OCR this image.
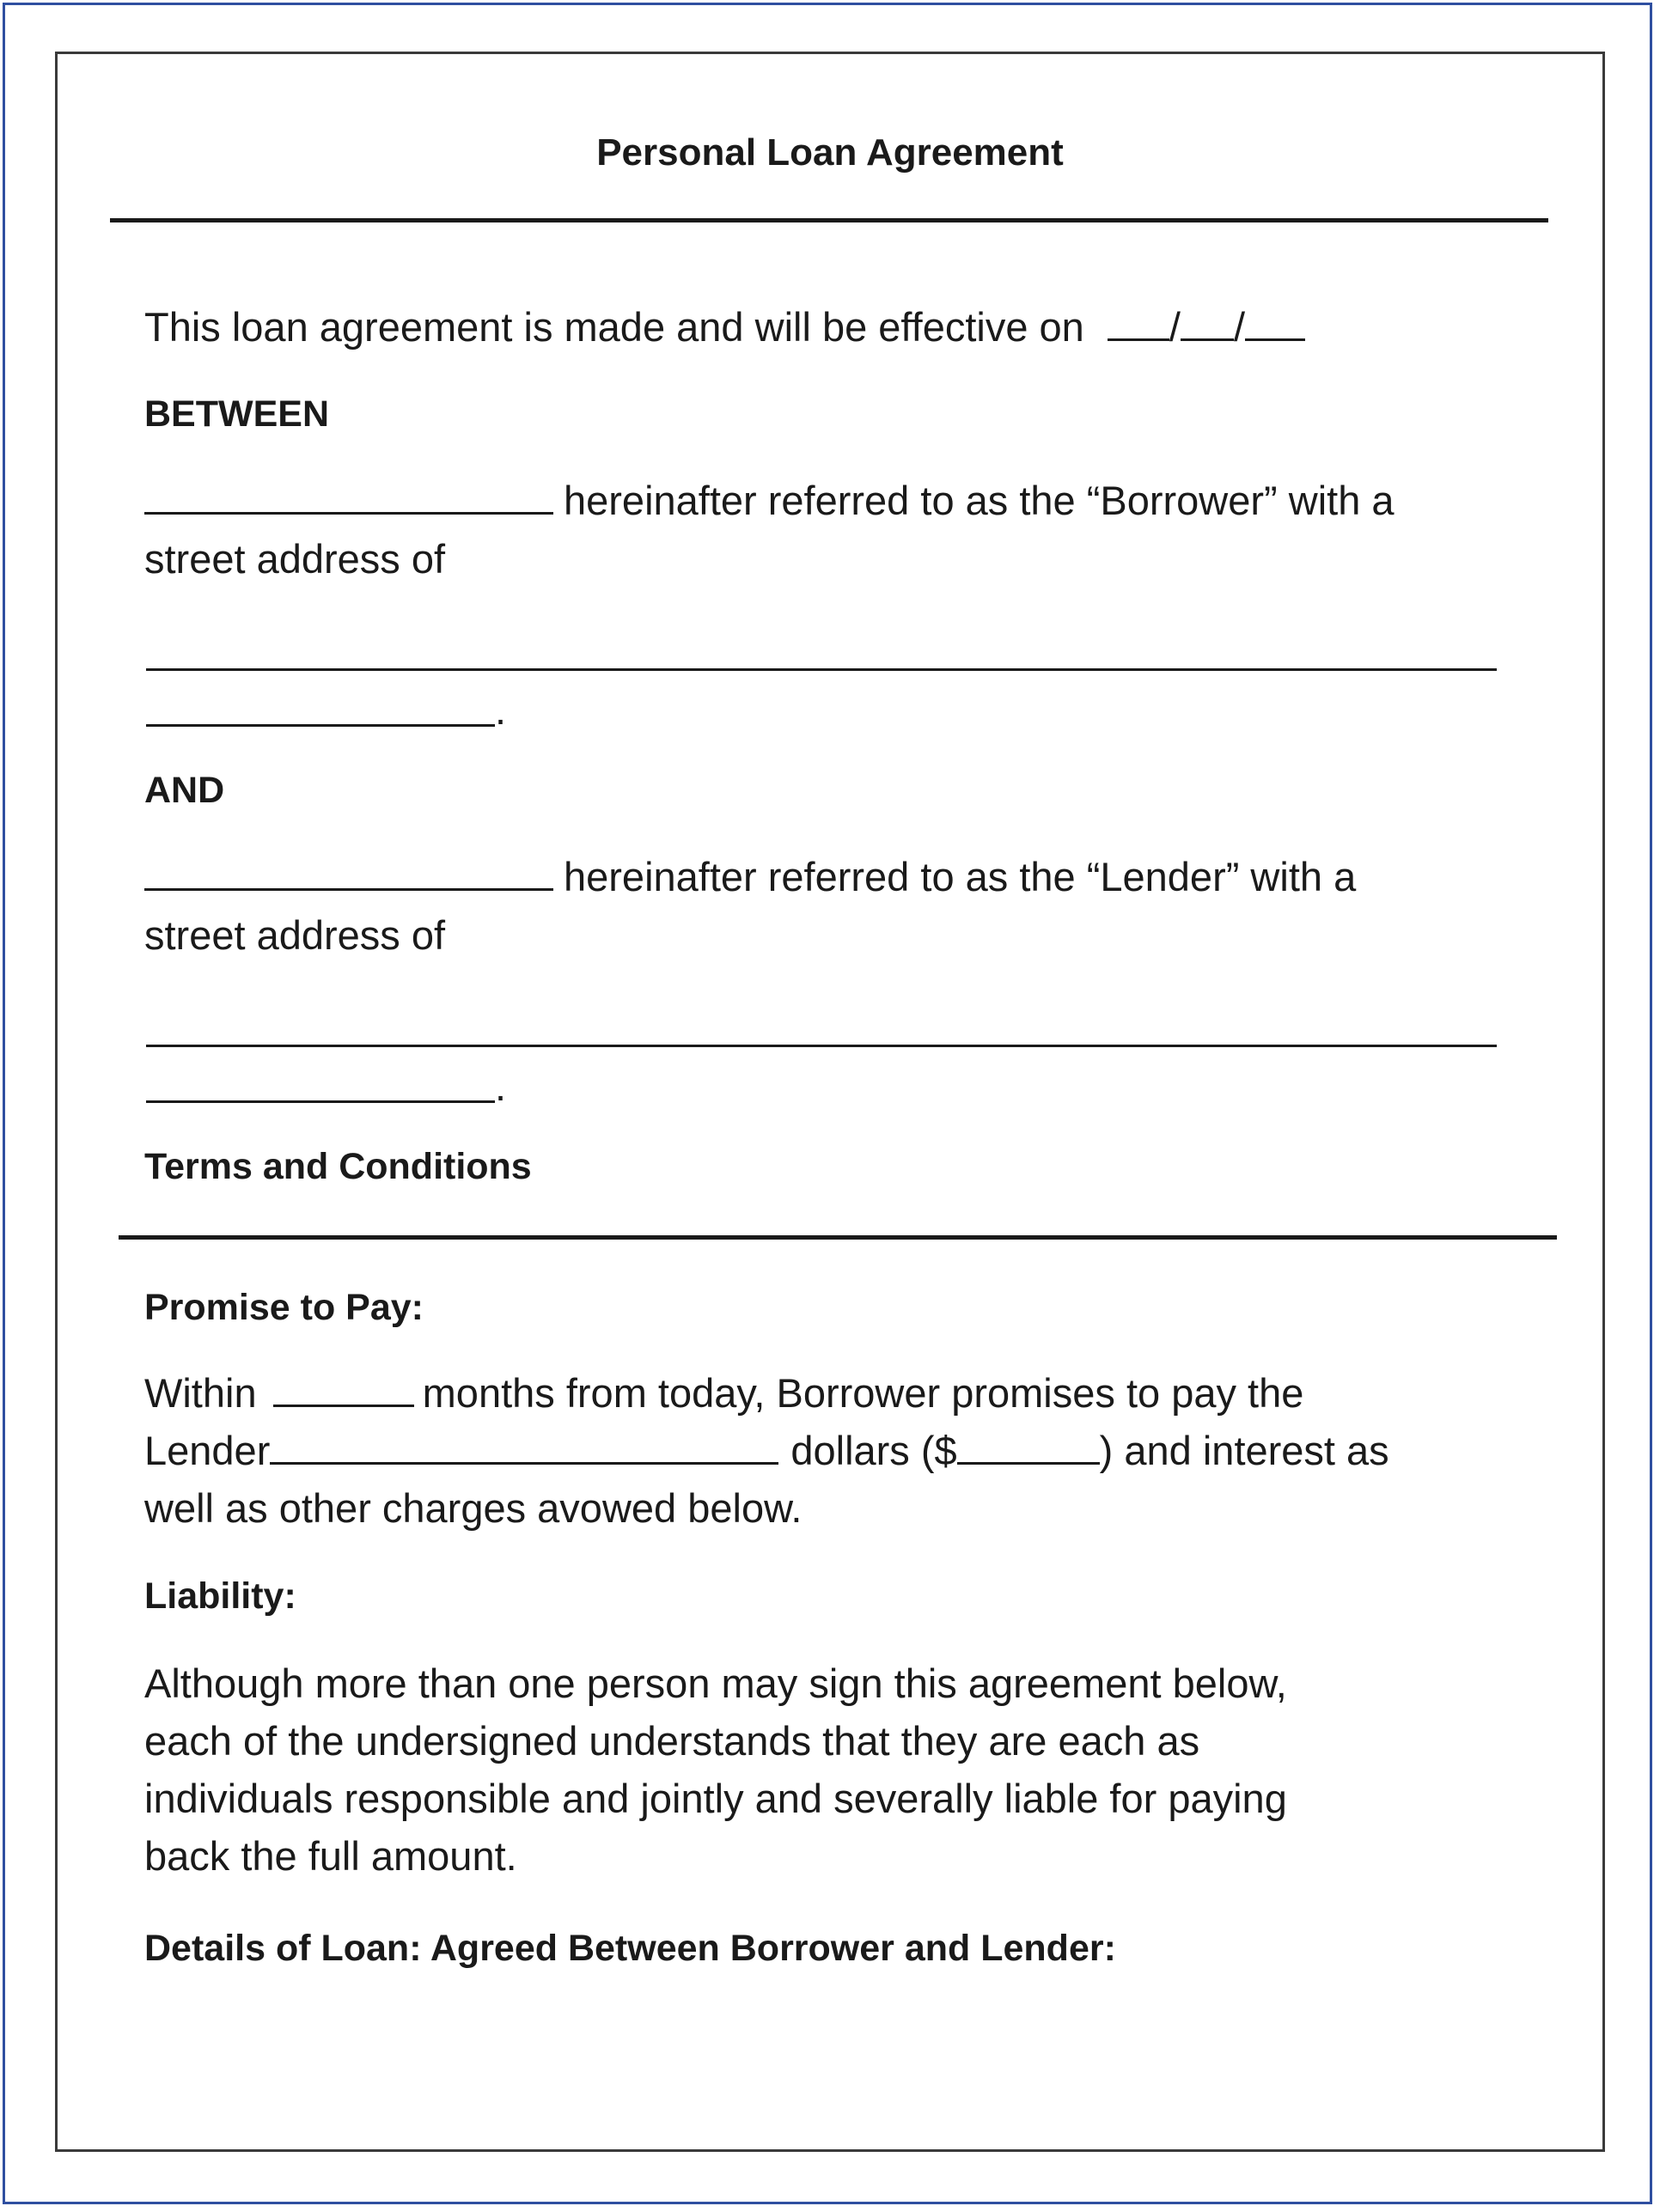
Personal Loan Agreement
This loan agreement is made and will be effective on / /
BETWEEN
hereinafter referred to as the “Borrower” with a
street address of
.
AND
hereinafter referred to as the “Lender” with a
street address of
.
Terms and Conditions
Promise to Pay:
Within	months from today, Borrower promises to pay the
Lender	dollars ($	) and interest as
well as other charges avowed below.
Liability:
Although more than one person may sign this agreement below,
each of the undersigned understands that they are each as
individuals responsible and jointly and severally liable for paying
back the full amount.
Details of Loan: Agreed Between Borrower and Lender:
